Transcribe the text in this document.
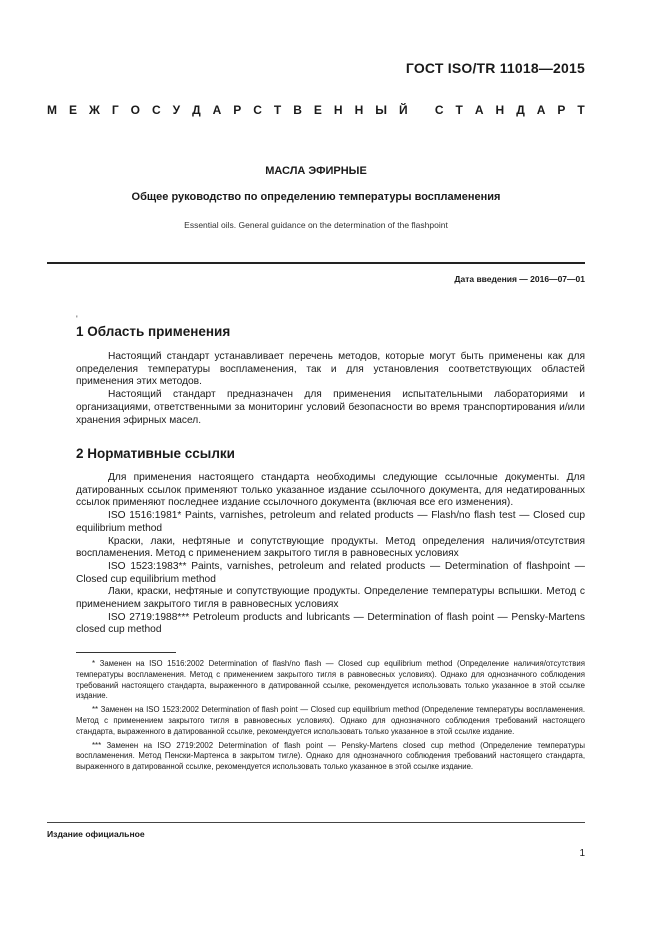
ГОСТ ISO/TR 11018—2015
М Е Ж Г О С У Д А Р С Т В Е Н Н Ы Й
С Т А Н Д А Р Т
МАСЛА ЭФИРНЫЕ
Общее руководство по определению температуры воспламенения
Essential oils. General guidance on the determination of the flashpoint
Дата введения — 2016—07—01
'
1 Область применения

Настоящий стандарт устанавливает перечень методов, которые могут быть применены как для определения температуры воспламенения, так и для установления соответствующих областей применения этих методов.

Настоящий стандарт предназначен для применения испытательными лабораториями и организациями, ответственными за мониторинг условий безопасности во время транспортирования и/или хранения эфирных масел.

2 Нормативные ссылки

Для применения настоящего стандарта необходимы следующие ссылочные документы. Для датированных ссылок применяют только указанное издание ссылочного документа, для недатированных ссылок применяют последнее издание ссылочного документа (включая все его изменения).

ISO 1516:1981* Paints, varnishes, petroleum and related products — Flash/no flash test — Closed cup equilibrium method

Краски, лаки, нефтяные и сопутствующие продукты. Метод определения наличия/отсутствия воспламенения. Метод с применением закрытого тигля в равновесных условиях

ISO 1523:1983** Paints, varnishes, petroleum and related products — Determination of flashpoint — Closed cup equilibrium method

Лаки, краски, нефтяные и сопутствующие продукты. Определение температуры вспышки. Метод с применением закрытого тигля в равновесных условиях

ISO 2719:1988*** Petroleum products and lubricants — Determination of flash point — Pensky-Martens closed cup method

* Заменен на ISO 1516:2002 Determination of flash/no flash — Closed cup equilibrium method (Определение наличия/отсутствия температуры воспламенения. Метод с применением закрытого тигля в равновесных условиях). Однако для однозначного соблюдения требований настоящего стандарта, выраженного в датированной ссылке, рекомендуется использовать только указанное в этой ссылке издание.

** Заменен на ISO 1523:2002 Determination of flash point — Closed cup equilibrium method (Определение температуры воспламенения. Метод с применением закрытого тигля в равновесных условиях). Однако для однозначного соблюдения требований настоящего стандарта, выраженного в датированной ссылке, рекомендуется использовать только указанное в этой ссылке издание.

*** Заменен на ISO 2719:2002 Determination of flash point — Pensky-Martens closed cup method (Определение температуры воспламенения. Метод Пенски-Мартенса в закрытом тигле). Однако для однозначного соблюдения требований настоящего стандарта, выраженного в датированной ссылке, рекомендуется использовать только указанное в этой ссылке издание.

Издание официальное
1
